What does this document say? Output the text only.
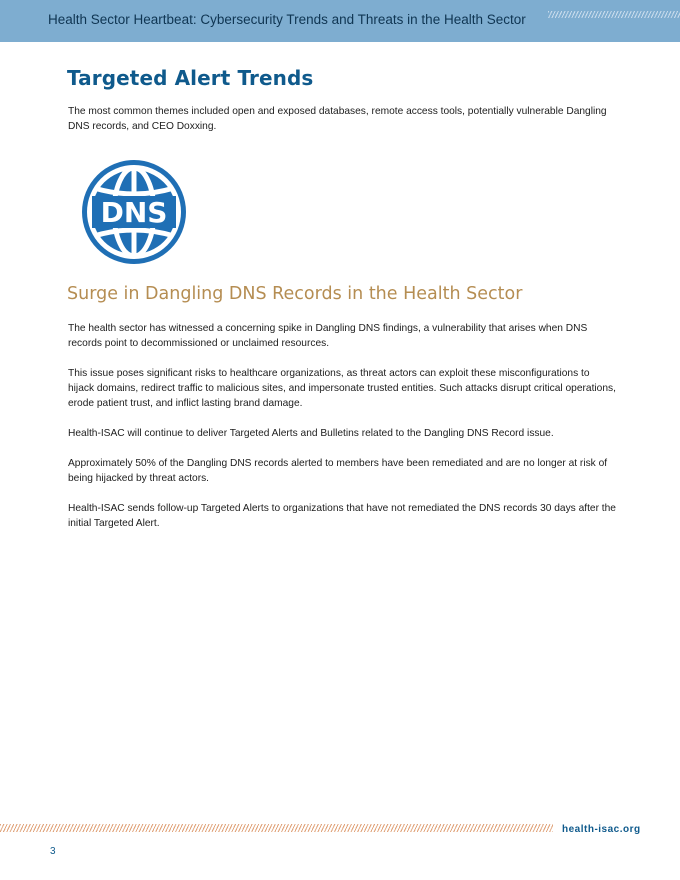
Health Sector Heartbeat: Cybersecurity Trends and Threats in the Health Sector
Targeted Alert Trends

The most common themes included open and exposed databases, remote access tools, potentially vulnerable Dangling DNS records, and CEO Doxxing.

DNS
Surge in Dangling DNS Records in the Health Sector

The health sector has witnessed a concerning spike in Dangling DNS findings, a vulnerability that arises when DNS records point to decommissioned or unclaimed resources.

This issue poses significant risks to healthcare organizations, as threat actors can exploit these misconfigurations to hijack domains, redirect traffic to malicious sites, and impersonate trusted entities. Such attacks disrupt critical operations, erode patient trust, and inflict lasting brand damage.

Health-ISAC will continue to deliver Targeted Alerts and Bulletins related to the Dangling DNS Record issue.

Approximately 50% of the Dangling DNS records alerted to members have been remediated and are no longer at risk of being hijacked by threat actors.

Health-ISAC sends follow-up Targeted Alerts to organizations that have not remediated the DNS records 30 days after the initial Targeted Alert.

health-isac.org
3
